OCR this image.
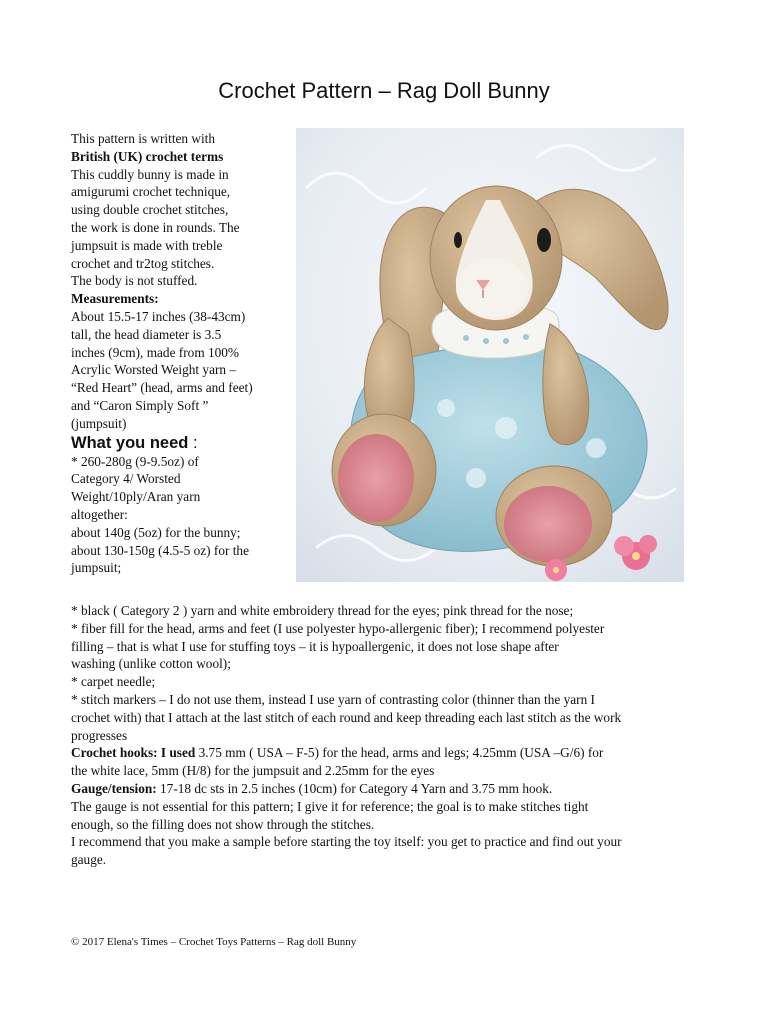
Crochet Pattern – Rag Doll Bunny
This pattern is written with
British (UK) crochet terms
This cuddly bunny is made in
amigurumi crochet technique,
using double crochet stitches,
the work is done in rounds. The
jumpsuit is made with treble
crochet and tr2tog stitches.
The body is not stuffed.
Measurements:
About 15.5-17 inches (38-43cm)
tall, the head diameter is 3.5
inches (9cm), made from 100%
Acrylic Worsted Weight yarn –
“Red Heart” (head, arms and feet)
and “Caron Simply Soft ”
(jumpsuit)
What you need :
* 260-280g (9-9.5oz) of
Category 4/ Worsted
Weight/10ply/Aran yarn
altogether:
about 140g (5oz) for the bunny;
about 130-150g (4.5-5 oz) for the
jumpsuit;
* black ( Category 2 ) yarn and white embroidery thread for the eyes; pink thread for the nose;
* fiber fill for the head, arms and feet (I use polyester hypo-allergenic fiber); I recommend polyester
filling – that is what I use for stuffing toys – it is hypoallergenic, it does not lose shape after
washing (unlike cotton wool);
* carpet needle;
* stitch markers – I do not use them, instead I use yarn of contrasting color (thinner than the yarn I
crochet with) that I attach at the last stitch of each round and keep threading each last stitch as the work
progresses
Crochet hooks: I used 3.75 mm ( USA – F-5) for the head, arms and legs; 4.25mm (USA –G/6) for
the white lace, 5mm (H/8) for the jumpsuit and 2.25mm for the eyes
Gauge/tension: 17-18 dc sts in 2.5 inches (10cm) for Category 4 Yarn and 3.75 mm hook.
The gauge is not essential for this pattern; I give it for reference; the goal is to make stitches tight
enough, so the filling does not show through the stitches.
I recommend that you make a sample before starting the toy itself: you get to practice and find out your
gauge.
© 2017 Elena's Times – Crochet Toys Patterns – Rag doll Bunny
